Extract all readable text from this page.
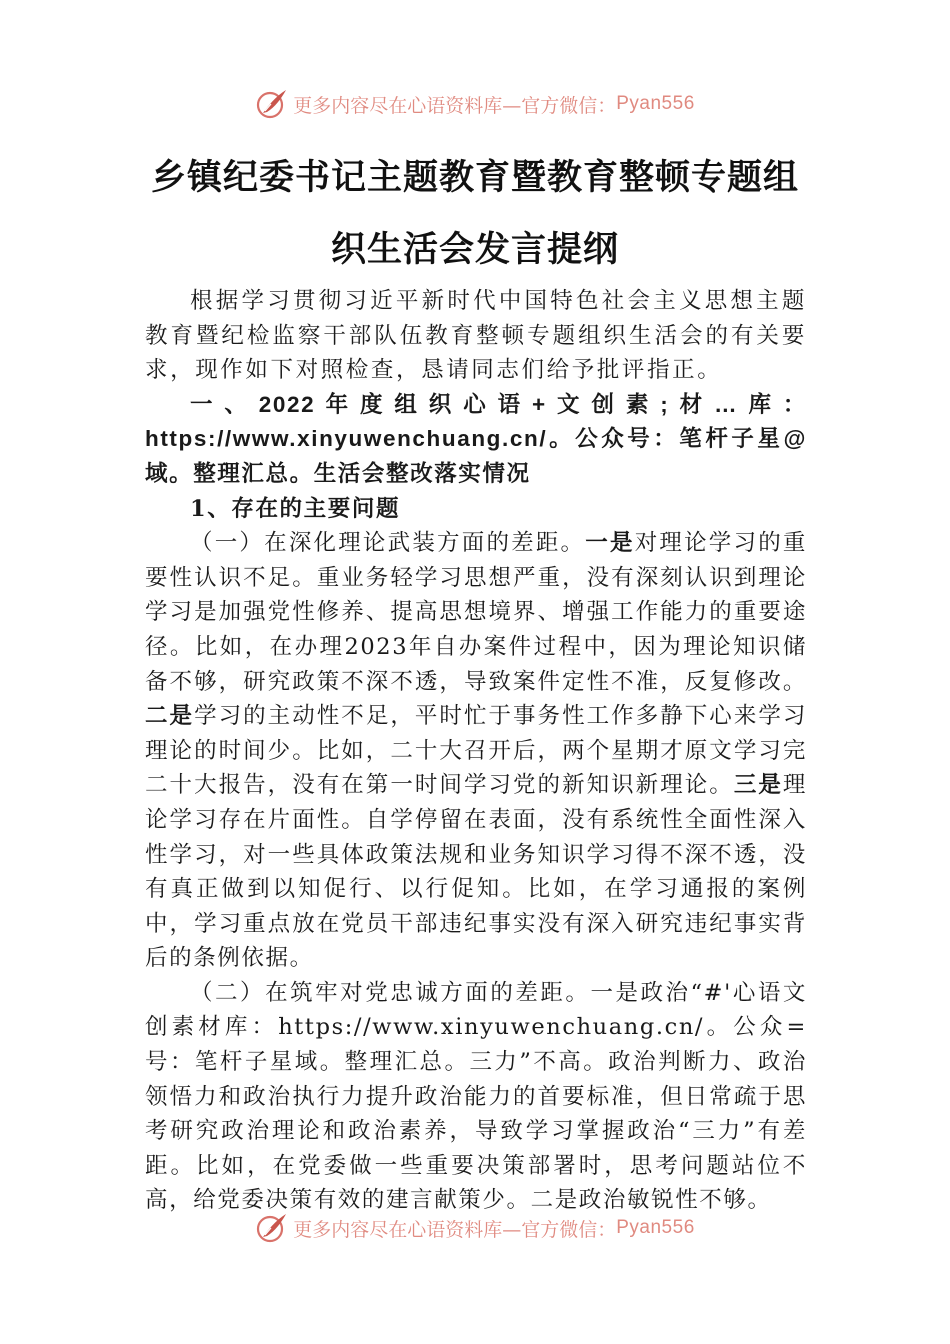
更多内容尽在心语资料库—官方微信： Pyan556
乡镇纪委书记主题教育暨教育整顿专题组
织生活会发言提纲

根据学习贯彻习近平新时代中国特色社会主义思想主题教育暨纪检监察干部队伍教育整顿专题组织生活会的有关要求，现作如下对照检查，恳请同志们给予批评指正。

一、2022年度组织心语+文创素;材…库：https://www.xinyuwenchuang.cn/。公众号：笔杆子星@域。整理汇总。生活会整改落实情况

1、存在的主要问题

（一）在深化理论武装方面的差距。一是对理论学习的重要性认识不足。重业务轻学习思想严重，没有深刻认识到理论学习是加强党性修养、提高思想境界、增强工作能力的重要途径。比如，在办理2023年自办案件过程中，因为理论知识储备不够，研究政策不深不透，导致案件定性不准，反复修改。二是学习的主动性不足，平时忙于事务性工作多静下心来学习理论的时间少。比如，二十大召开后，两个星期才原文学习完二十大报告，没有在第一时间学习党的新知识新理论。三是理论学习存在片面性。自学停留在表面，没有系统性全面性深入性学习，对一些具体政策法规和业务知识学习得不深不透，没有真正做到以知促行、以行促知。比如，在学习通报的案例中，学习重点放在党员干部违纪事实没有深入研究违纪事实背后的条例依据。

（二）在筑牢对党忠诚方面的差距。一是政治“#'心语文创素材库：https://www.xinyuwenchuang.cn/。公众=号：笔杆子星域。整理汇总。三力”不高。政治判断力、政治领悟力和政治执行力提升政治能力的首要标准，但日常疏于思考研究政治理论和政治素养，导致学习掌握政治“三力”有差距。比如，在党委做一些重要决策部署时，思考问题站位不高，给党委决策有效的建言献策少。二是政治敏锐性不够。

更多内容尽在心语资料库—官方微信： Pyan556
